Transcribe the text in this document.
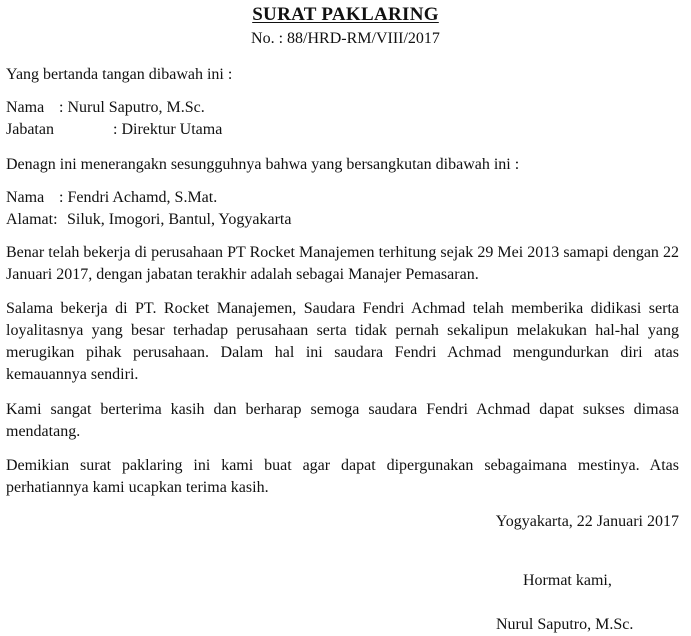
SURAT PAKLARING
No. : 88/HRD-RM/VIII/2017
Yang bertanda tangan dibawah ini :
Nama : Nurul Saputro, M.Sc.
Jabatan	: Direktur Utama
Denagn ini menerangakn sesungguhnya bahwa yang bersangkutan dibawah ini :
Nama : Fendri Achamd, S.Mat.
Alamat: Siluk, Imogori, Bantul, Yogyakarta
Benar telah bekerja di perusahaan PT Rocket Manajemen terhitung sejak 29 Mei 2013 samapi dengan 22 Januari 2017, dengan jabatan terakhir adalah sebagai Manajer Pemasaran.
Salama bekerja di PT. Rocket Manajemen, Saudara Fendri Achmad telah memberika didikasi serta loyalitasnya yang besar terhadap perusahaan serta tidak pernah sekalipun melakukan hal-hal yang merugikan pihak perusahaan. Dalam hal ini saudara Fendri Achmad mengundurkan diri atas kemauannya sendiri.
Kami sangat berterima kasih dan berharap semoga saudara Fendri Achmad dapat sukses dimasa mendatang.
Demikian surat paklaring ini kami buat agar dapat dipergunakan sebagaimana mestinya. Atas perhatiannya kami ucapkan terima kasih.
Yogyakarta, 22 Januari 2017
Hormat kami,
Nurul Saputro, M.Sc.
